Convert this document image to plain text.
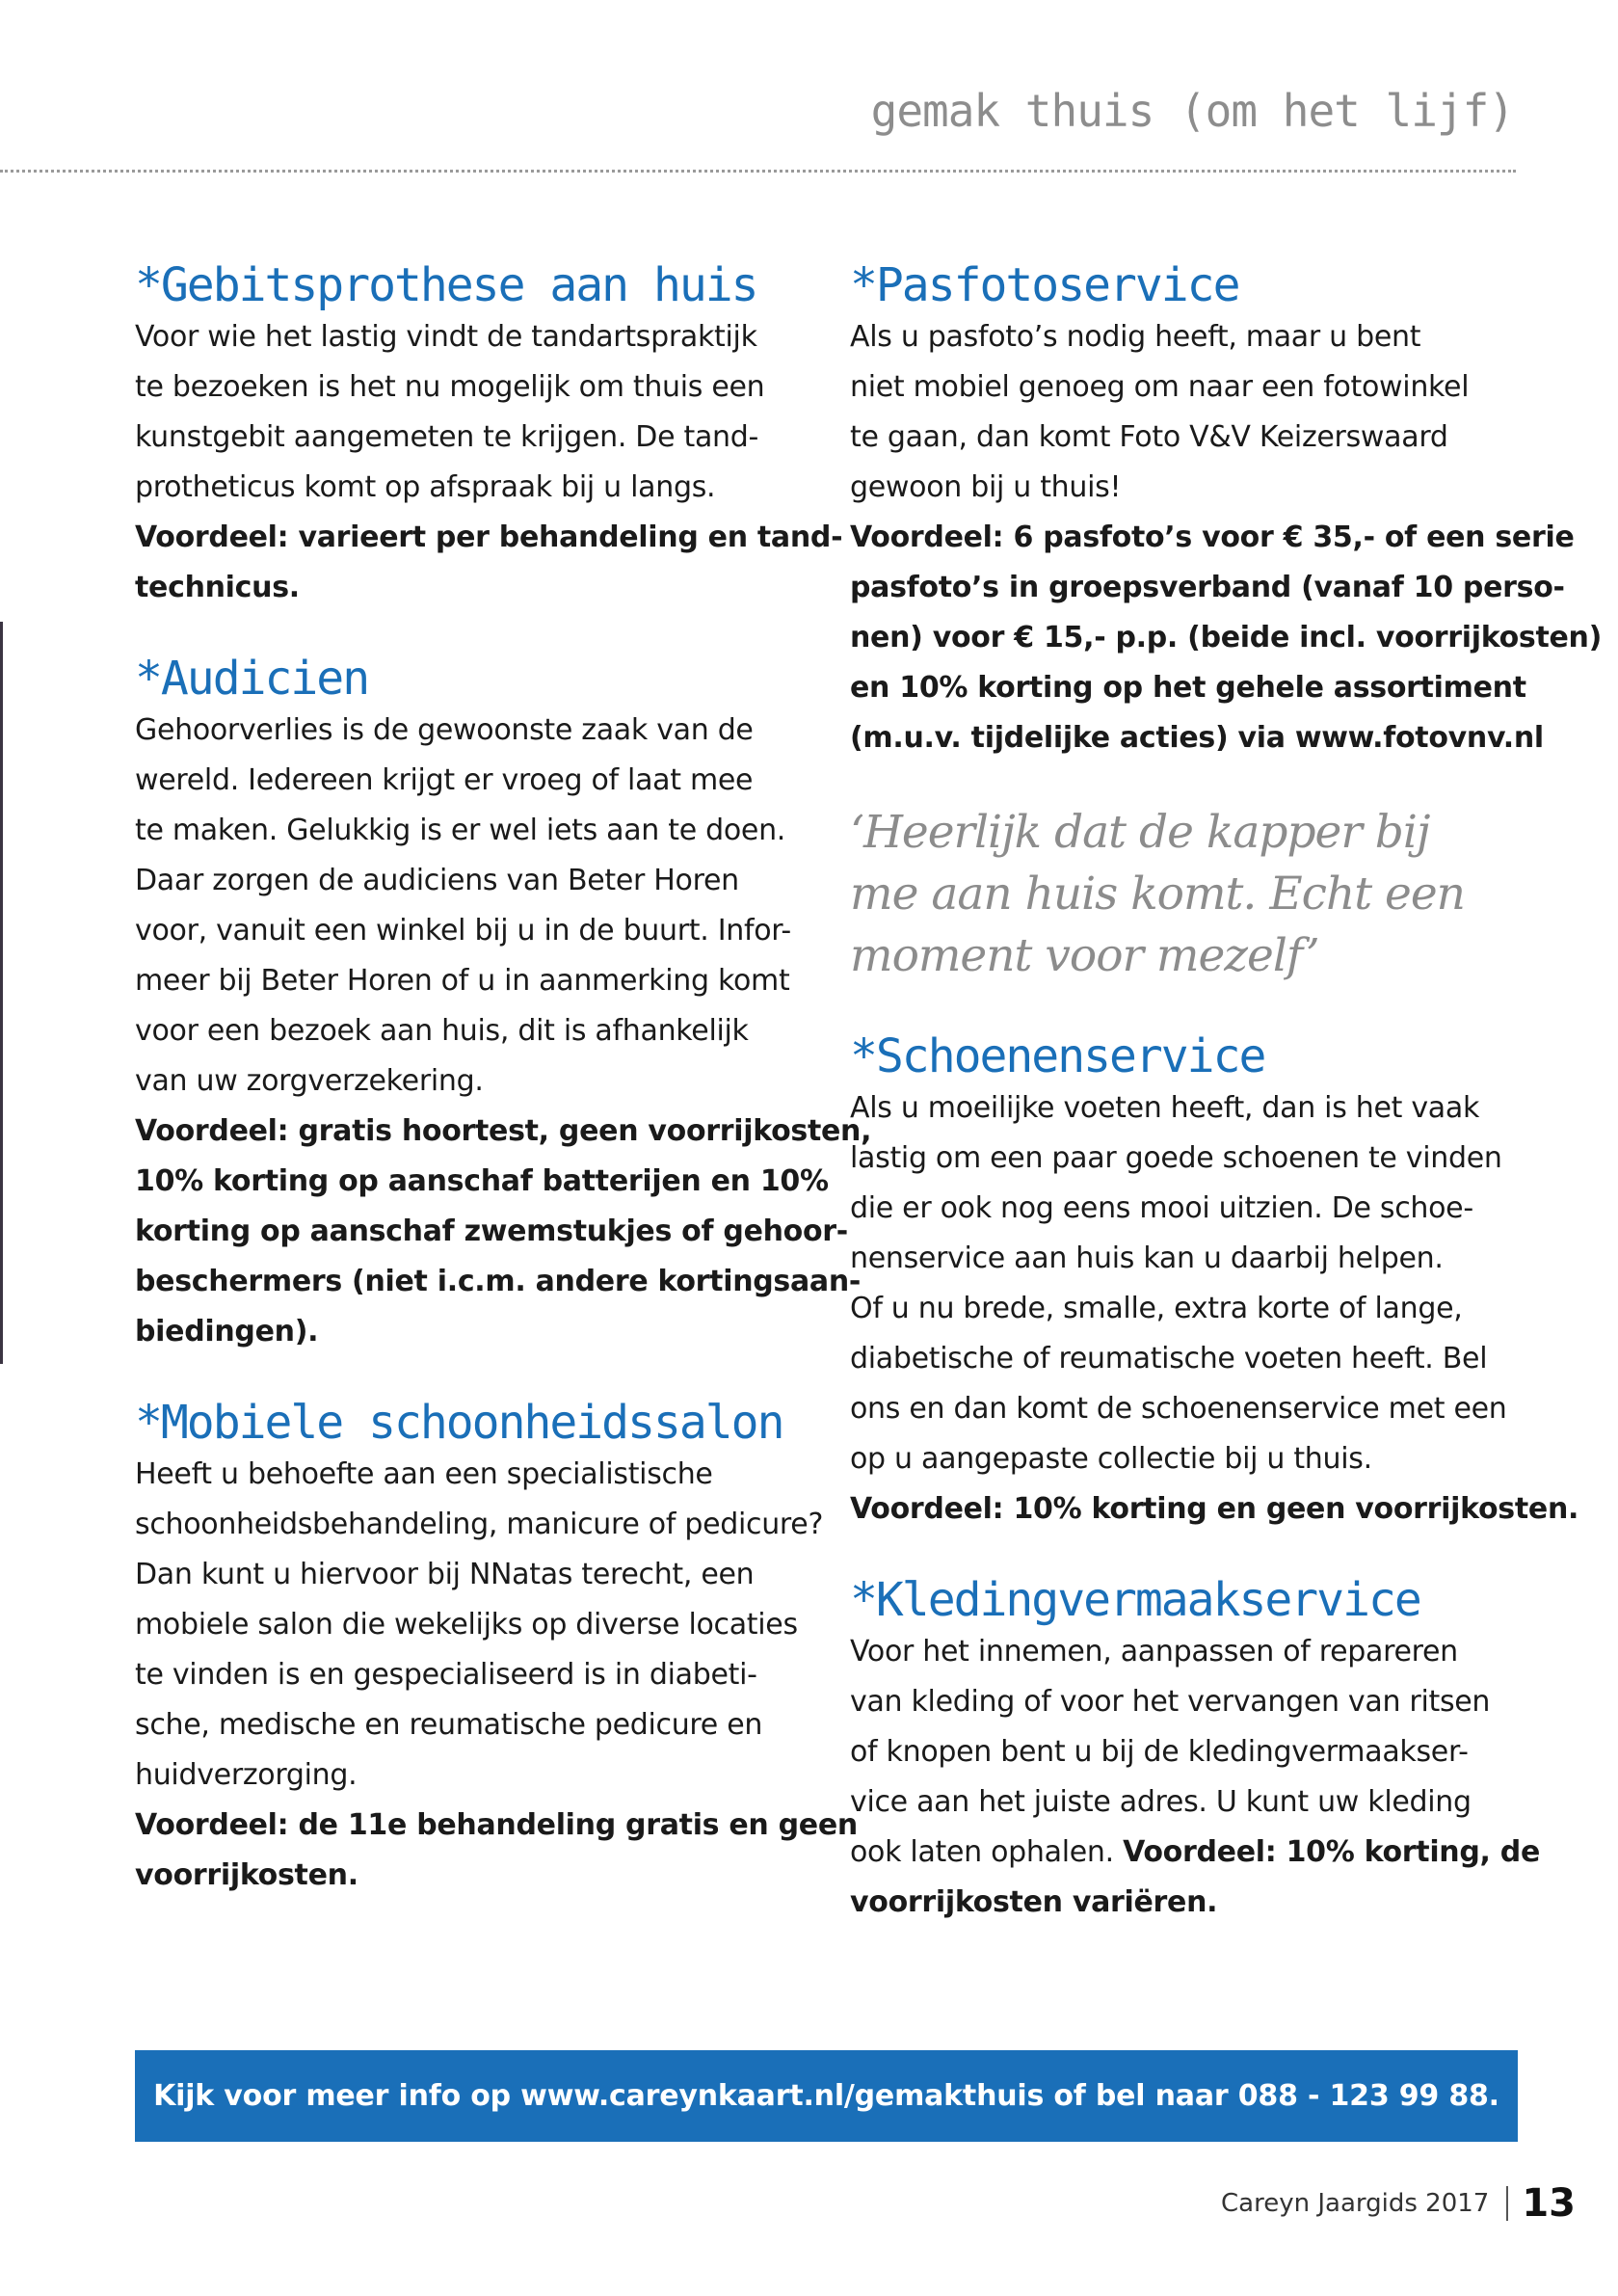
gemak thuis (om het lijf)
*Gebitsprothese aan huis
Voor wie het lastig vindt de tandartspraktijk
te bezoeken is het nu mogelijk om thuis een
kunstgebit aangemeten te krijgen. De tand-
protheticus komt op afspraak bij u langs.
Voordeel: varieert per behandeling en tand-
technicus.
*Audicien
Gehoorverlies is de gewoonste zaak van de
wereld. Iedereen krijgt er vroeg of laat mee
te maken. Gelukkig is er wel iets aan te doen.
Daar zorgen de audiciens van Beter Horen
voor, vanuit een winkel bij u in de buurt. Infor-
meer bij Beter Horen of u in aanmerking komt
voor een bezoek aan huis, dit is afhankelijk
van uw zorgverzekering.
Voordeel: gratis hoortest, geen voorrijkosten,
10% korting op aanschaf batterijen en 10%
korting op aanschaf zwemstukjes of gehoor-
beschermers (niet i.c.m. andere kortingsaan-
biedingen).
*Mobiele schoonheidssalon
Heeft u behoefte aan een specialistische
schoonheidsbehandeling, manicure of pedicure?
Dan kunt u hiervoor bij NNatas terecht, een
mobiele salon die wekelijks op diverse locaties
te vinden is en gespecialiseerd is in diabeti-
sche, medische en reumatische pedicure en
huidverzorging.
Voordeel: de 11e behandeling gratis en geen
voorrijkosten.
*Pasfotoservice
Als u pasfoto’s nodig heeft, maar u bent
niet mobiel genoeg om naar een fotowinkel
te gaan, dan komt Foto V&V Keizerswaard
gewoon bij u thuis!
Voordeel: 6 pasfoto’s voor € 35,- of een serie
pasfoto’s in groepsverband (vanaf 10 perso-
nen) voor € 15,- p.p. (beide incl. voorrijkosten)
en 10% korting op het gehele assortiment
(m.u.v. tijdelijke acties) via www.fotovnv.nl
‘Heerlijk dat de kapper bij
me aan huis komt. Echt een
moment voor mezelf’
*Schoenenservice
Als u moeilijke voeten heeft, dan is het vaak
lastig om een paar goede schoenen te vinden
die er ook nog eens mooi uitzien. De schoe-
nenservice aan huis kan u daarbij helpen.
Of u nu brede, smalle, extra korte of lange,
diabetische of reumatische voeten heeft. Bel
ons en dan komt de schoenenservice met een
op u aangepaste collectie bij u thuis.
Voordeel: 10% korting en geen voorrijkosten.
*Kledingvermaakservice
Voor het innemen, aanpassen of repareren
van kleding of voor het vervangen van ritsen
of knopen bent u bij de kledingvermaakser-
vice aan het juiste adres. U kunt uw kleding
ook laten ophalen. Voordeel: 10% korting, de
voorrijkosten variëren.
Kijk voor meer info op www.careynkaart.nl/gemakthuis of bel naar 088 - 123 99 88.
Careyn Jaargids 2017 13
